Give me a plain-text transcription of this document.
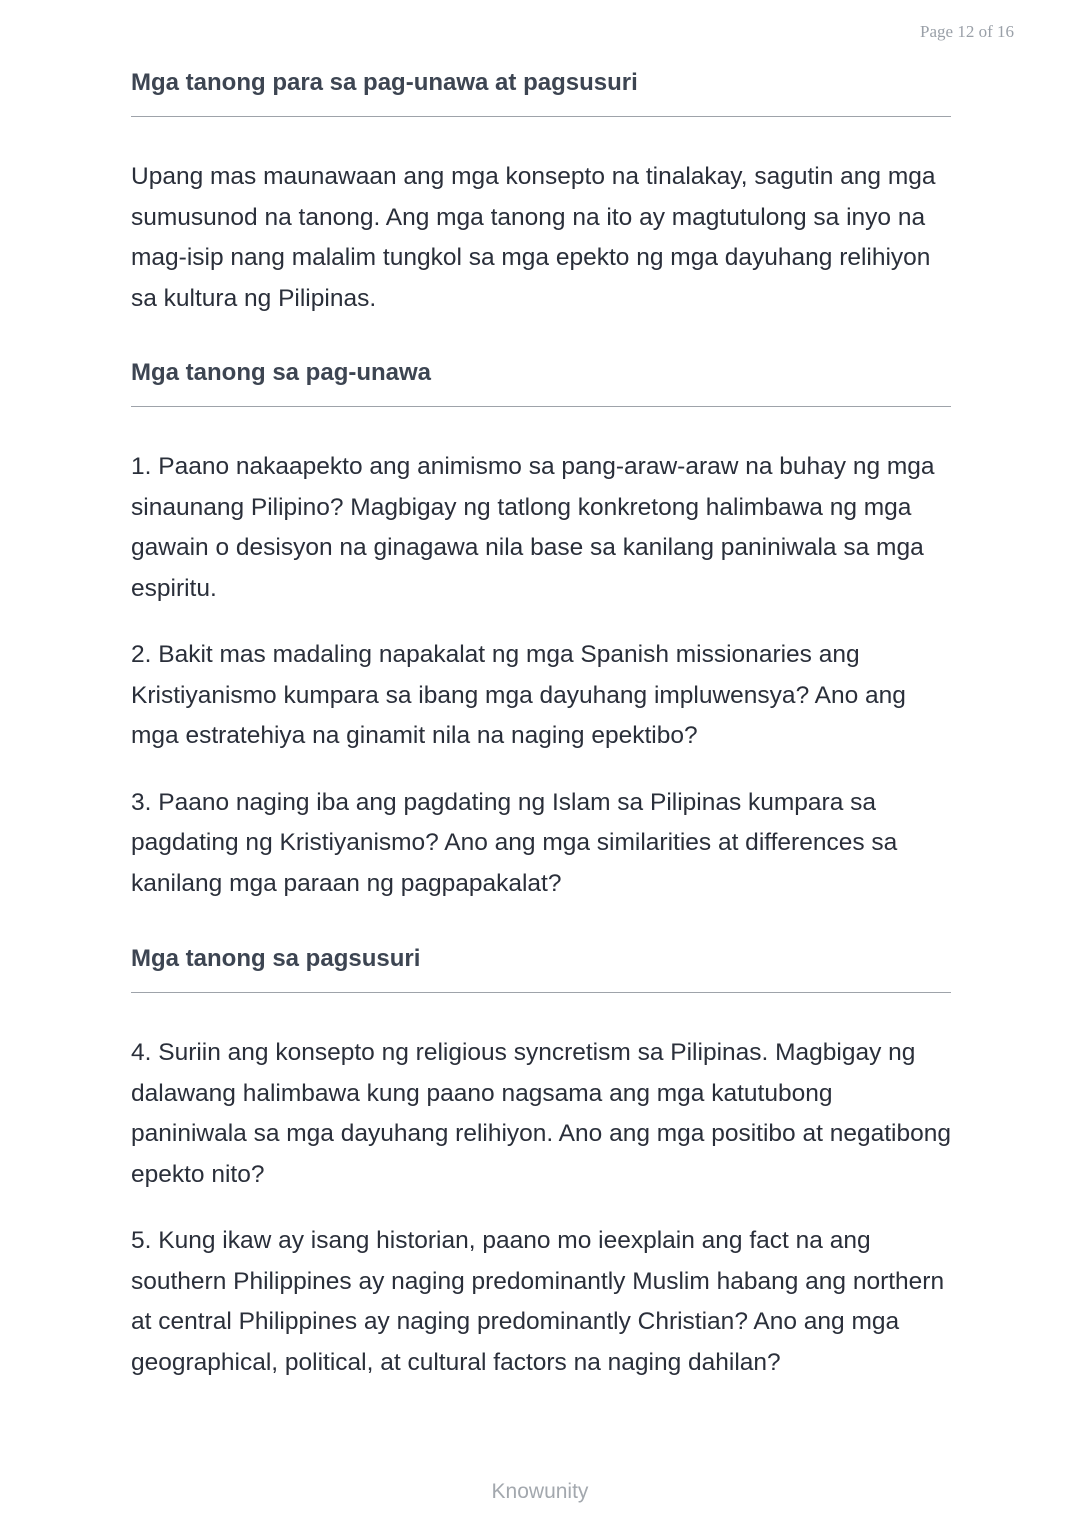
Page 12 of 16
Mga tanong para sa pag-unawa at pagsusuri

Upang mas maunawaan ang mga konsepto na tinalakay, sagutin ang mga sumusunod na tanong. Ang mga tanong na ito ay magtutulong sa inyo na mag-isip nang malalim tungkol sa mga epekto ng mga dayuhang relihiyon sa kultura ng Pilipinas.

Mga tanong sa pag-unawa

1. Paano nakaapekto ang animismo sa pang-araw-araw na buhay ng mga sinaunang Pilipino? Magbigay ng tatlong konkretong halimbawa ng mga gawain o desisyon na ginagawa nila base sa kanilang paniniwala sa mga espiritu.

2. Bakit mas madaling napakalat ng mga Spanish missionaries ang Kristiyanismo kumpara sa ibang mga dayuhang impluwensya? Ano ang mga estratehiya na ginamit nila na naging epektibo?

3. Paano naging iba ang pagdating ng Islam sa Pilipinas kumpara sa pagdating ng Kristiyanismo? Ano ang mga similarities at differences sa kanilang mga paraan ng pagpapakalat?

Mga tanong sa pagsusuri

4. Suriin ang konsepto ng religious syncretism sa Pilipinas. Magbigay ng dalawang halimbawa kung paano nagsama ang mga katutubong paniniwala sa mga dayuhang relihiyon. Ano ang mga positibo at negatibong epekto nito?

5. Kung ikaw ay isang historian, paano mo ieexplain ang fact na ang southern Philippines ay naging predominantly Muslim habang ang northern at central Philippines ay naging predominantly Christian? Ano ang mga geographical, political, at cultural factors na naging dahilan?

Knowunity
